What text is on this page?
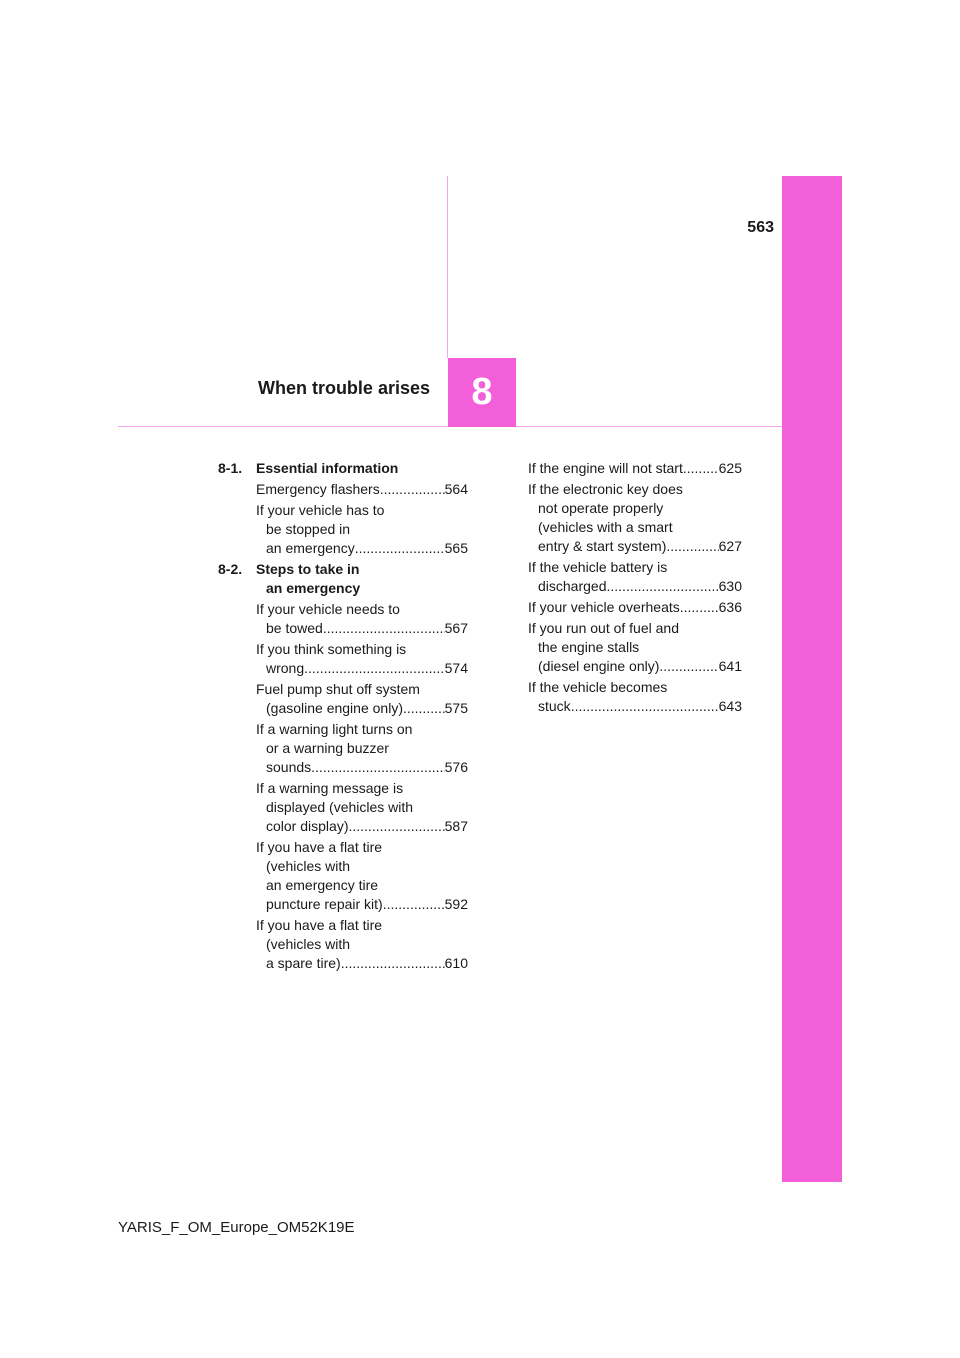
563
8
When trouble arises
8-1. Essential information
Emergency flashers .....	564
If your vehicle has to
be stopped in
an emergency .....	565
8-2. Steps to take in
an emergency
If your vehicle needs to
be towed .....	567
If you think something is
wrong .....	574
Fuel pump shut off system
(gasoline engine only) .....	575
If a warning light turns on
or a warning buzzer
sounds .....	576
If a warning message is
displayed (vehicles with
color display) .....	587
If you have a flat tire
(vehicles with
an emergency tire
puncture repair kit) .....	592
If you have a flat tire
(vehicles with
a spare tire) .....	610
If the engine will not start .....	625
If the electronic key does
not operate properly
(vehicles with a smart
entry & start system) .....	627
If the vehicle battery is
discharged .....	630
If your vehicle overheats .....	636
If you run out of fuel and
the engine stalls
(diesel engine only) .....	641
If the vehicle becomes
stuck .....	643
YARIS_F_OM_Europe_OM52K19E
